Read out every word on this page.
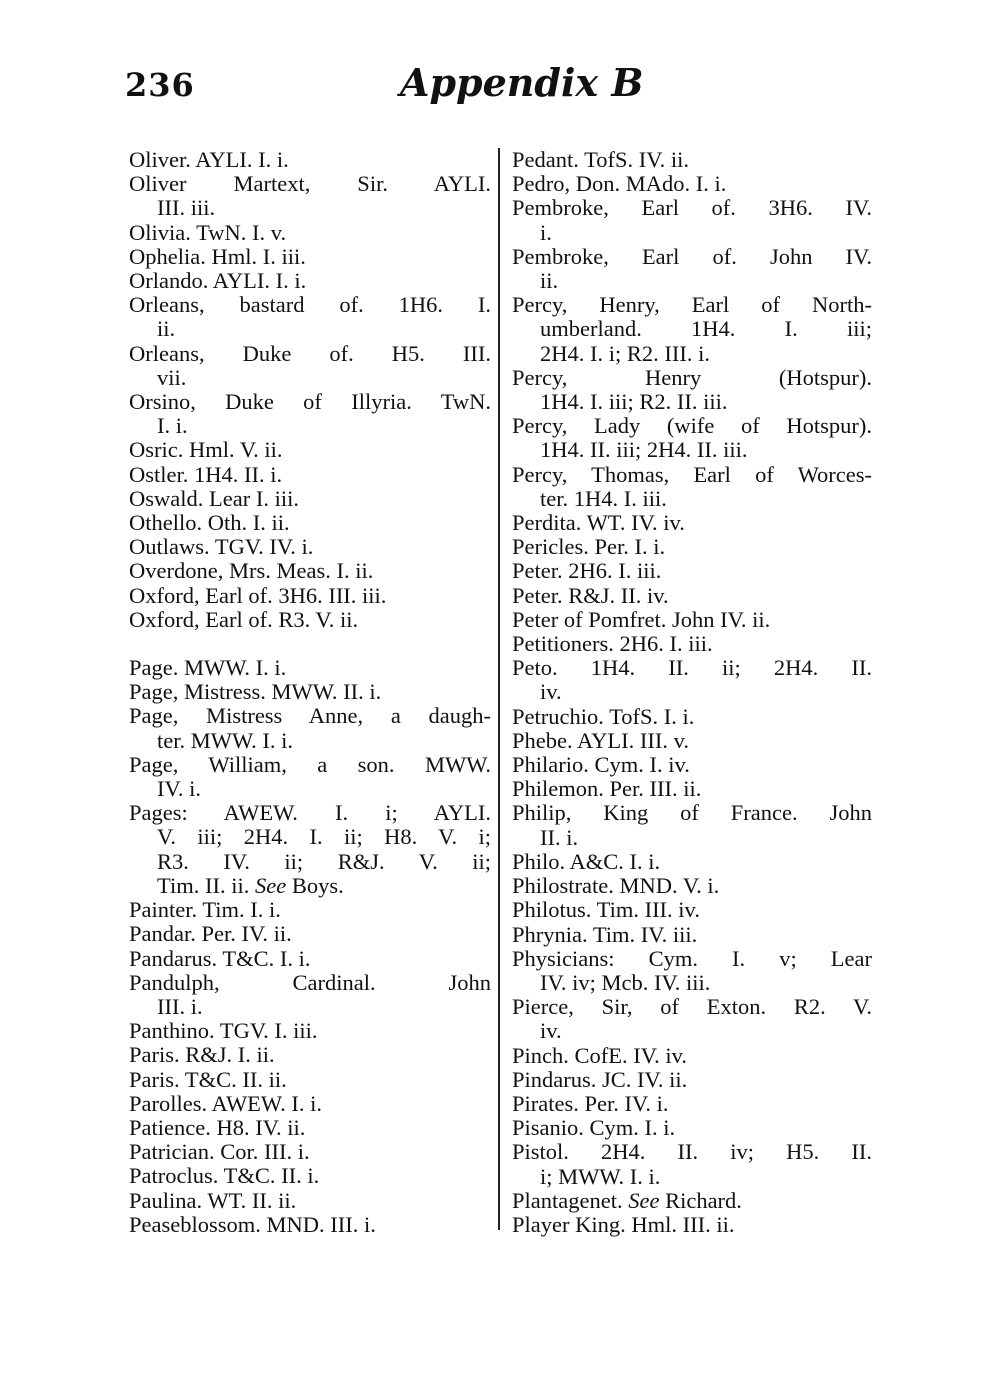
236	Appendix B
Oliver. AYLI. I. i.
Oliver Martext, Sir. AYLI.
III. iii.
Olivia. TwN. I. v.
Ophelia. Hml. I. iii.
Orlando. AYLI. I. i.
Orleans, bastard of. 1H6. I.
ii.
Orleans, Duke of. H5. III.
vii.
Orsino, Duke of Illyria. TwN.
I. i.
Osric. Hml. V. ii.
Ostler. 1H4. II. i.
Oswald. Lear I. iii.
Othello. Oth. I. ii.
Outlaws. TGV. IV. i.
Overdone, Mrs. Meas. I. ii.
Oxford, Earl of. 3H6. III. iii.
Oxford, Earl of. R3. V. ii.
Page. MWW. I. i.
Page, Mistress. MWW. II. i.
Page, Mistress Anne, a daugh-
ter. MWW. I. i.
Page, William, a son. MWW.
IV. i.
Pages: AWEW. I. i; AYLI.
V. iii; 2H4. I. ii; H8. V. i;
R3. IV. ii; R&J. V. ii;
Tim. II. ii. See Boys.
Painter. Tim. I. i.
Pandar. Per. IV. ii.
Pandarus. T&C. I. i.
Pandulph, Cardinal. John
III. i.
Panthino. TGV. I. iii.
Paris. R&J. I. ii.
Paris. T&C. II. ii.
Parolles. AWEW. I. i.
Patience. H8. IV. ii.
Patrician. Cor. III. i.
Patroclus. T&C. II. i.
Paulina. WT. II. ii.
Peaseblossom. MND. III. i.
Pedant. TofS. IV. ii.
Pedro, Don. MAdo. I. i.
Pembroke, Earl of. 3H6. IV.
i.
Pembroke, Earl of. John IV.
ii.
Percy, Henry, Earl of North-
umberland. 1H4. I. iii;
2H4. I. i; R2. III. i.
Percy, Henry (Hotspur).
1H4. I. iii; R2. II. iii.
Percy, Lady (wife of Hotspur).
1H4. II. iii; 2H4. II. iii.
Percy, Thomas, Earl of Worces-
ter. 1H4. I. iii.
Perdita. WT. IV. iv.
Pericles. Per. I. i.
Peter. 2H6. I. iii.
Peter. R&J. II. iv.
Peter of Pomfret. John IV. ii.
Petitioners. 2H6. I. iii.
Peto. 1H4. II. ii; 2H4. II.
iv.
Petruchio. TofS. I. i.
Phebe. AYLI. III. v.
Philario. Cym. I. iv.
Philemon. Per. III. ii.
Philip, King of France. John
II. i.
Philo. A&C. I. i.
Philostrate. MND. V. i.
Philotus. Tim. III. iv.
Phrynia. Tim. IV. iii.
Physicians: Cym. I. v; Lear
IV. iv; Mcb. IV. iii.
Pierce, Sir, of Exton. R2. V.
iv.
Pinch. CofE. IV. iv.
Pindarus. JC. IV. ii.
Pirates. Per. IV. i.
Pisanio. Cym. I. i.
Pistol. 2H4. II. iv; H5. II.
i; MWW. I. i.
Plantagenet. See Richard.
Player King. Hml. III. ii.
